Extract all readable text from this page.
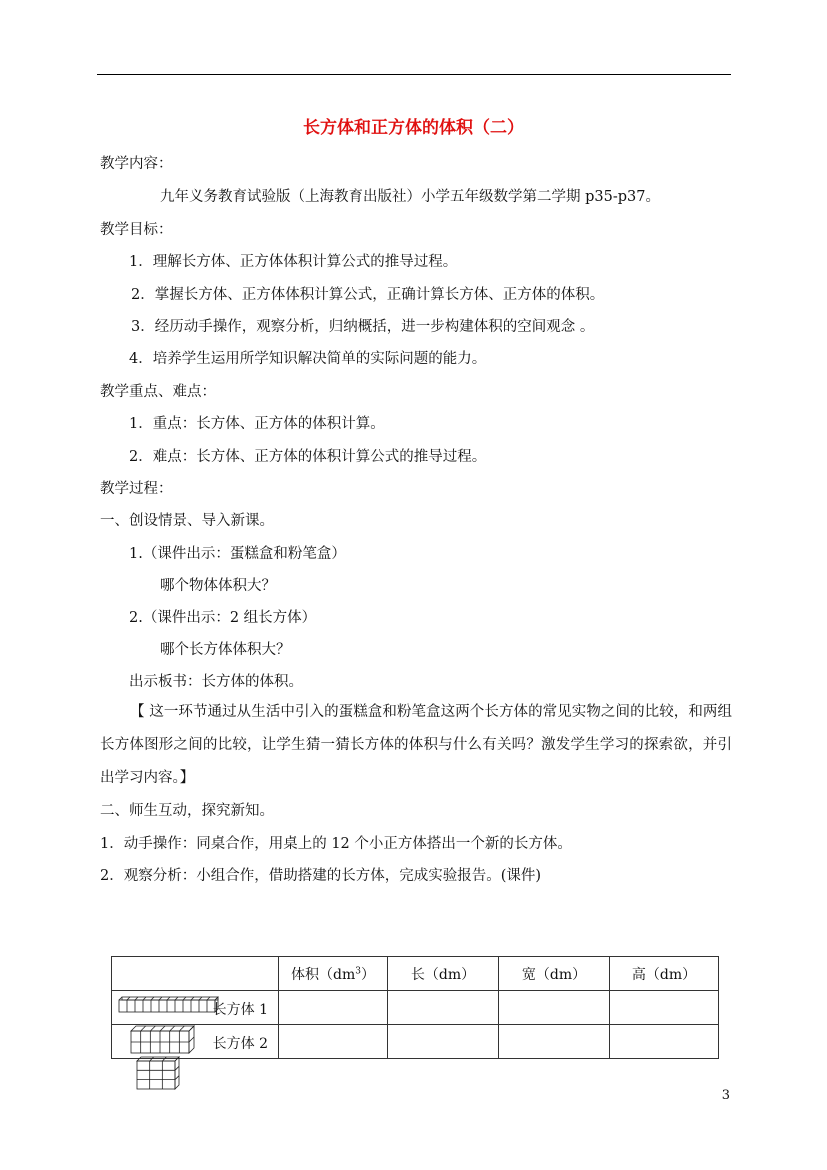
长方体和正方体的体积（二）
教学内容：
九年义务教育试验版（上海教育出版社）小学五年级数学第二学期 p35-p37。
教学目标：
1．理解长方体、正方体体积计算公式的推导过程。
2．掌握长方体、正方体体积计算公式，正确计算长方体、正方体的体积。
3．经历动手操作，观察分析，归纳概括，进一步构建体积的空间观念 。
4．培养学生运用所学知识解决简单的实际问题的能力。
教学重点、难点：
1．重点：长方体、正方体的体积计算。
2．难点：长方体、正方体的体积计算公式的推导过程。
教学过程：
一、创设情景、导入新课。
1.（课件出示：蛋糕盒和粉笔盒）
哪个物体体积大？
2.（课件出示：2 组长方体）
哪个长方体体积大？
出示板书：长方体的体积。
【 这一环节通过从生活中引入的蛋糕盒和粉笔盒这两个长方体的常见实物之间的比较，和两组长方体图形之间的比较，让学生猜一猜长方体的体积与什么有关吗？激发学生学习的探索欲，并引出学习内容。】
二、师生互动，探究新知。
1．动手操作：同桌合作，用桌上的 12 个小正方体搭出一个新的长方体。
2．观察分析：小组合作，借助搭建的长方体，完成实验报告。(课件)
	体积$(dm^3)$	长（dm）	宽（dm）	高（dm）

长方体 1				

长方体 2				

3
